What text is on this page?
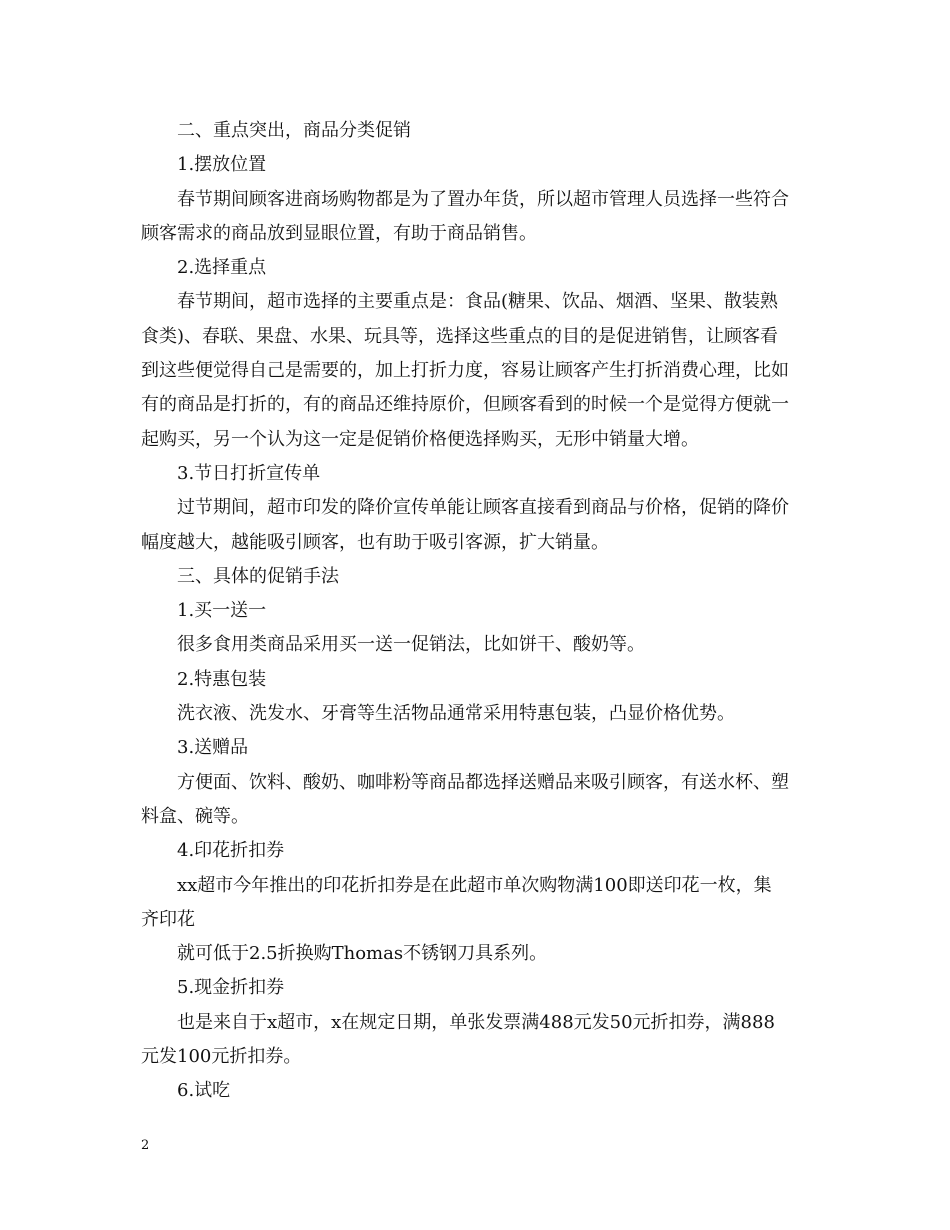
二、重点突出，商品分类促销

1.摆放位置

春节期间顾客进商场购物都是为了置办年货，所以超市管理人员选择一些符合

顾客需求的商品放到显眼位置，有助于商品销售。

2.选择重点

春节期间，超市选择的主要重点是：食品(糖果、饮品、烟酒、坚果、散装熟

食类)、春联、果盘、水果、玩具等，选择这些重点的目的是促进销售，让顾客看

到这些便觉得自己是需要的，加上打折力度，容易让顾客产生打折消费心理，比如

有的商品是打折的，有的商品还维持原价，但顾客看到的时候一个是觉得方便就一

起购买，另一个认为这一定是促销价格便选择购买，无形中销量大增。

3.节日打折宣传单

过节期间，超市印发的降价宣传单能让顾客直接看到商品与价格，促销的降价

幅度越大，越能吸引顾客，也有助于吸引客源，扩大销量。

三、具体的促销手法

1.买一送一

很多食用类商品采用买一送一促销法，比如饼干、酸奶等。

2.特惠包装

洗衣液、洗发水、牙膏等生活物品通常采用特惠包装，凸显价格优势。

3.送赠品

方便面、饮料、酸奶、咖啡粉等商品都选择送赠品来吸引顾客，有送水杯、塑

料盒、碗等。

4.印花折扣券

xx超市今年推出的印花折扣券是在此超市单次购物满100即送印花一枚，集

齐印花

就可低于2.5折换购Thomas不锈钢刀具系列。

5.现金折扣券

也是来自于x超市，x在规定日期，单张发票满488元发50元折扣券，满888

元发100元折扣券。

6.试吃

2
